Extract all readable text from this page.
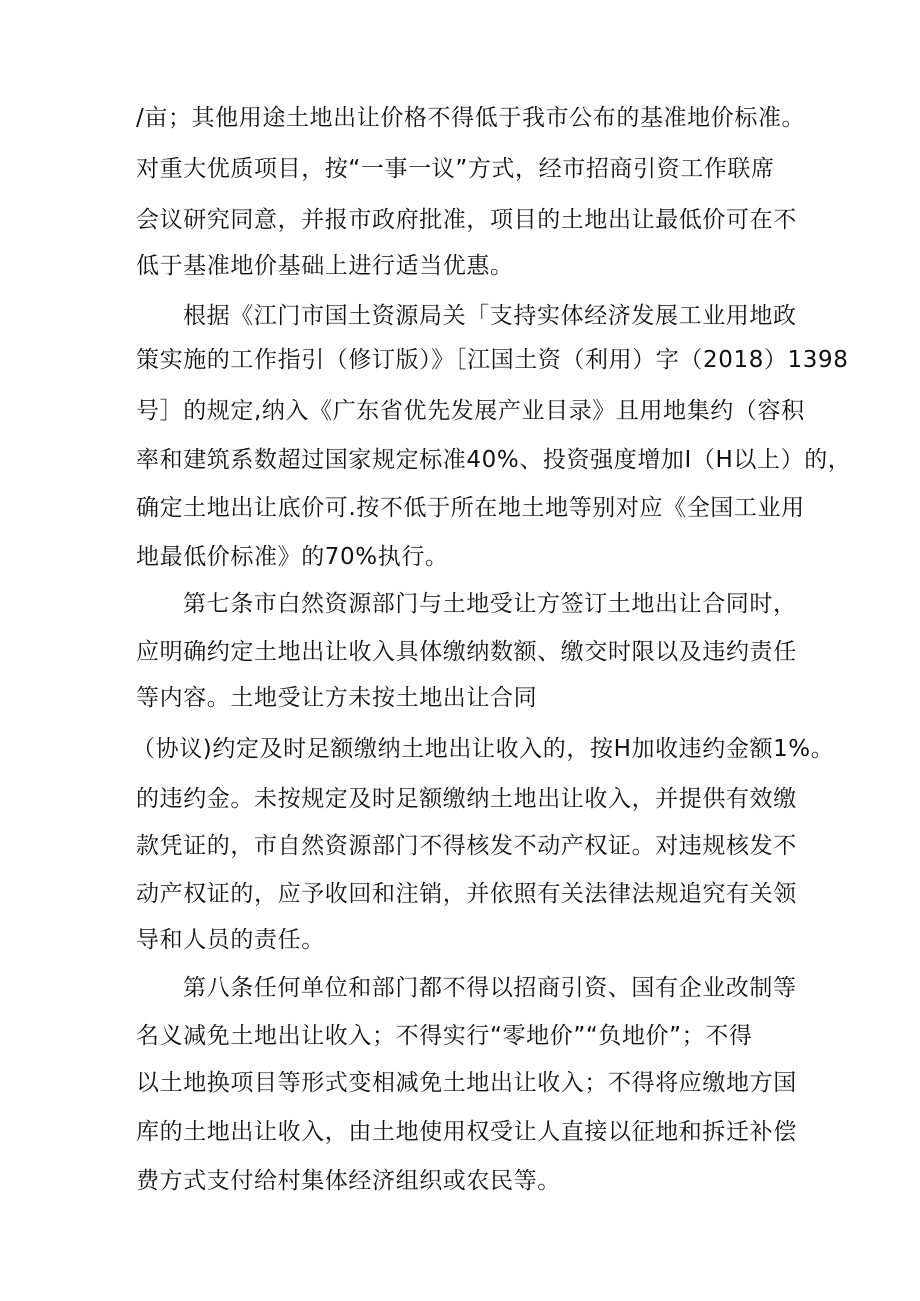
/亩；其他用途土地出让价格不得低于我市公布的基准地价标准。
对重大优质项目，按“一事一议”方式，经市招商引资工作联席
会议研究同意，并报市政府批准，项目的土地出让最低价可在不
低于基准地价基础上进行适当优惠。
根据《江门市国土资源局关「支持实体经济发展工业用地政
策实施的工作指引（修订版）》［江国土资（利用）字（2018）1398
号］的规定,纳入《广东省优先发展产业目录》且用地集约（容积
率和建筑系数超过国家规定标准40%、投资强度增加I（H以上）的，
确定土地出让底价可.按不低于所在地土地等别对应《全国工业用
地最低价标准》的70%执行。
第七条市白然资源部门与土地受让方签订土地出让合同时，
应明确约定土地出让收入具体缴纳数额、缴交时限以及违约责任
等内容。土地受让方未按土地出让合同
（协议)约定及时足额缴纳土地出让收入的，按H加收违约金额1%。
的违约金。未按规定及时足额缴纳土地出让收入，并提供有效缴
款凭证的，市自然资源部门不得核发不动产权证。对违规核发不
动产权证的，应予收回和注销，并依照有关法律法规追究有关领
导和人员的责任。
第八条任何单位和部门都不得以招商引资、国有企业改制等
名义减免土地出让收入；不得实行“零地价”“负地价”；不得
以土地换项目等形式变相减免土地出让收入；不得将应缴地方国
库的土地出让收入，由土地使用权受让人直接以征地和拆迁补偿
费方式支付给村集体经济组织或农民等。
